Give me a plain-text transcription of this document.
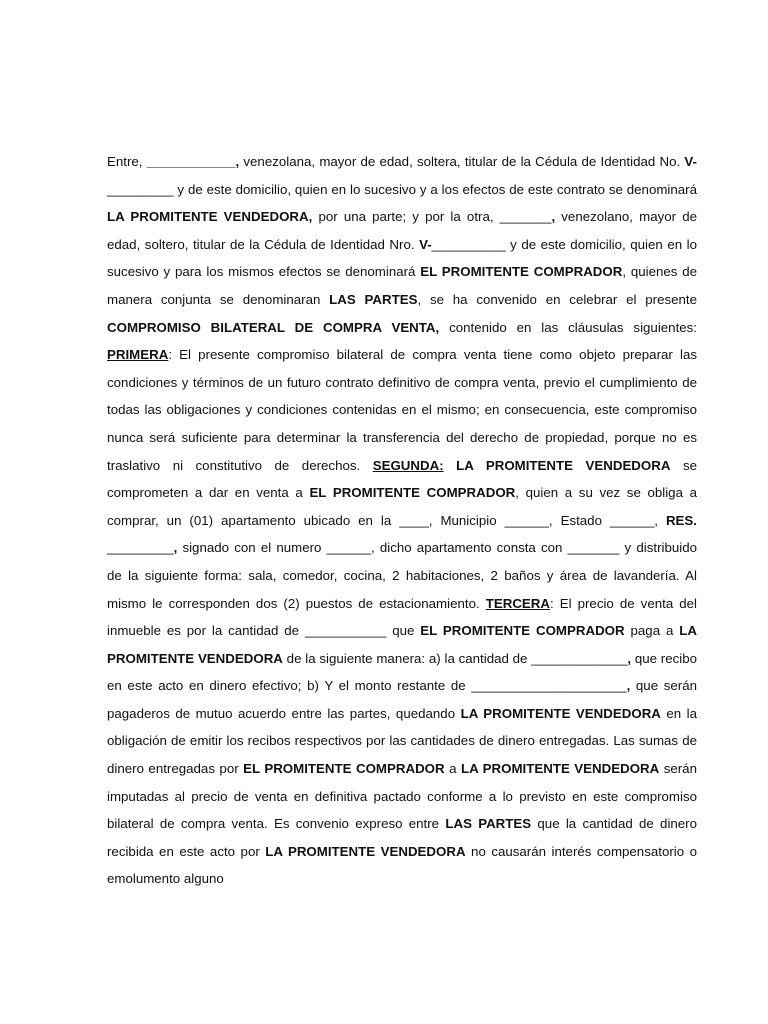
Entre, ____________, venezolana, mayor de edad, soltera, titular de la Cédula de Identidad No. V-_________ y de este domicilio, quien en lo sucesivo y a los efectos de este contrato se denominará LA PROMITENTE VENDEDORA, por una parte; y por la otra, _______, venezolano, mayor de edad, soltero, titular de la Cédula de Identidad Nro. V-__________ y de este domicilio, quien en lo sucesivo y para los mismos efectos se denominará EL PROMITENTE COMPRADOR, quienes de manera conjunta se denominaran LAS PARTES, se ha convenido en celebrar el presente COMPROMISO BILATERAL DE COMPRA VENTA, contenido en las cláusulas siguientes: PRIMERA: El presente compromiso bilateral de compra venta tiene como objeto preparar las condiciones y términos de un futuro contrato definitivo de compra venta, previo el cumplimiento de todas las obligaciones y condiciones contenidas en el mismo; en consecuencia, este compromiso nunca será suficiente para determinar la transferencia del derecho de propiedad, porque no es traslativo ni constitutivo de derechos. SEGUNDA: LA PROMITENTE VENDEDORA se comprometen a dar en venta a EL PROMITENTE COMPRADOR, quien a su vez se obliga a comprar, un (01) apartamento ubicado en la ____, Municipio ______, Estado ______, RES. _________, signado con el numero ______, dicho apartamento consta con _______ y distribuido de la siguiente forma: sala, comedor, cocina, 2 habitaciones, 2 baños y área de lavandería. Al mismo le corresponden dos (2) puestos de estacionamiento. TERCERA: El precio de venta del inmueble es por la cantidad de ___________ que EL PROMITENTE COMPRADOR paga a LA PROMITENTE VENDEDORA de la siguiente manera: a) la cantidad de _____________, que recibo en este acto en dinero efectivo; b) Y el monto restante de _____________________, que serán pagaderos de mutuo acuerdo entre las partes, quedando LA PROMITENTE VENDEDORA en la obligación de emitir los recibos respectivos por las cantidades de dinero entregadas. Las sumas de dinero entregadas por EL PROMITENTE COMPRADOR a LA PROMITENTE VENDEDORA serán imputadas al precio de venta en definitiva pactado conforme a lo previsto en este compromiso bilateral de compra venta. Es convenio expreso entre LAS PARTES que la cantidad de dinero recibida en este acto por LA PROMITENTE VENDEDORA no causarán interés compensatorio o emolumento alguno
